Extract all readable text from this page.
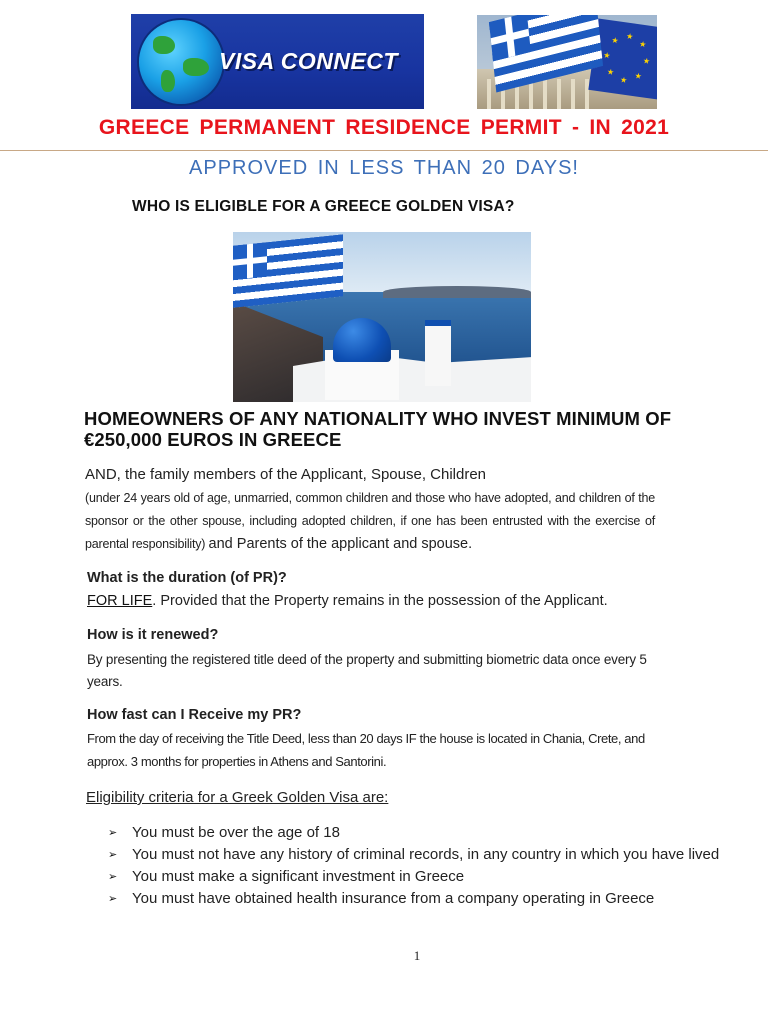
VISA CONNECT
★
★
★
★
★
★
★
★
GREECE PERMANENT RESIDENCE PERMIT - IN 2021
APPROVED IN LESS THAN 20 DAYS!
WHO IS ELIGIBLE FOR A GREECE GOLDEN VISA?
HOMEOWNERS OF ANY NATIONALITY WHO INVEST MINIMUM OF €250,000 EUROS IN GREECE
AND, the family members of the Applicant, Spouse, Children
(under 24 years old of age, unmarried, common children and those who have adopted, and children of the sponsor or the other spouse, including adopted children, if one has been entrusted with the exercise of parental responsibility) and Parents of the applicant and spouse.
What is the duration (of PR)?
FOR LIFE. Provided that the Property remains in the possession of the Applicant.
How is it renewed?
By presenting the registered title deed of the property and submitting biometric data once every 5 years.
How fast can I Receive my PR?
From the day of receiving the Title Deed, less than 20 days IF the house is located in Chania, Crete, and approx. 3 months for properties in Athens and Santorini.
Eligibility criteria for a Greek Golden Visa are:
➢ You must be over the age of 18
➢ You must not have any history of criminal records, in any country in which you have lived
➢ You must make a significant investment in Greece
➢ You must have obtained health insurance from a company operating in Greece
1
